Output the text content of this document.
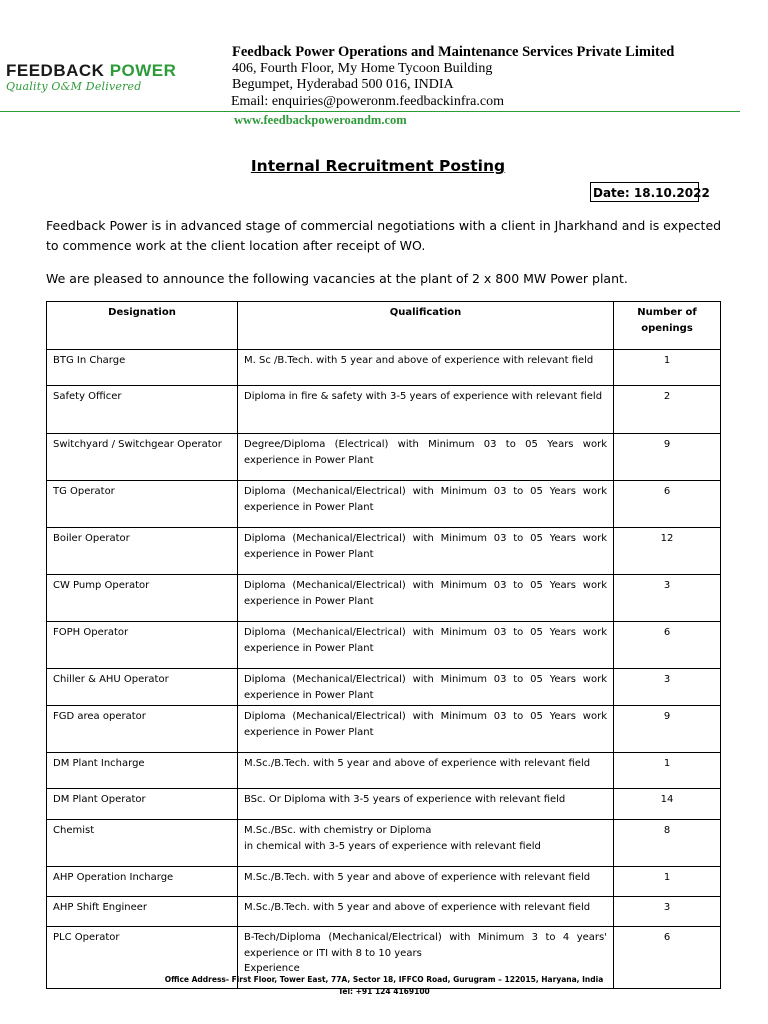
FEEDBACK POWER
Quality O&M Delivered
Feedback Power Operations and Maintenance Services Private Limited
406, Fourth Floor, My Home Tycoon Building
Begumpet, Hyderabad 500 016, INDIA
Email: enquiries@poweronm.feedbackinfra.com
www.feedbackpoweroandm.com
Internal Recruitment Posting
Date: 18.10.2022
Feedback Power is in advanced stage of commercial negotiations with a client in Jharkhand and is expected to commence work at the client location after receipt of WO.
We are pleased to announce the following vacancies at the plant of 2 x 800 MW Power plant.
Designation	Qualification	Number of openings
BTG In Charge	M. Sc /B.Tech. with 5 year and above of experience with relevant field	1
Safety Officer	Diploma in fire & safety with 3-5 years of experience with relevant field	2
Switchyard / Switchgear Operator	Degree/Diploma (Electrical) with Minimum 03 to 05 Years work experience in Power Plant	9
TG Operator	Diploma (Mechanical/Electrical) with Minimum 03 to 05 Years work experience in Power Plant	6
Boiler Operator	Diploma (Mechanical/Electrical) with Minimum 03 to 05 Years work experience in Power Plant	12
CW Pump Operator	Diploma (Mechanical/Electrical) with Minimum 03 to 05 Years work experience in Power Plant	3
FOPH Operator	Diploma (Mechanical/Electrical) with Minimum 03 to 05 Years work experience in Power Plant	6
Chiller & AHU Operator	Diploma (Mechanical/Electrical) with Minimum 03 to 05 Years work experience in Power Plant	3
FGD area operator	Diploma (Mechanical/Electrical) with Minimum 03 to 05 Years work experience in Power Plant	9
DM Plant Incharge	M.Sc./B.Tech. with 5 year and above of experience with relevant field	1
DM Plant Operator	BSc. Or Diploma with 3-5 years of experience with relevant field	14
Chemist	M.Sc./BSc. with chemistry or Diploma
in chemical with 3-5 years of experience with relevant field	8
AHP Operation Incharge	M.Sc./B.Tech. with 5 year and above of experience with relevant field	1
AHP Shift Engineer	M.Sc./B.Tech. with 5 year and above of experience with relevant field	3
PLC Operator	B-Tech/Diploma (Mechanical/Electrical) with Minimum 3 to 4 years' experience or ITI with 8 to 10 years
Experience	6
Office Address- First Floor, Tower East, 77A, Sector 18, IFFCO Road, Gurugram – 122015, Haryana, India
Tel: +91 124 4169100
